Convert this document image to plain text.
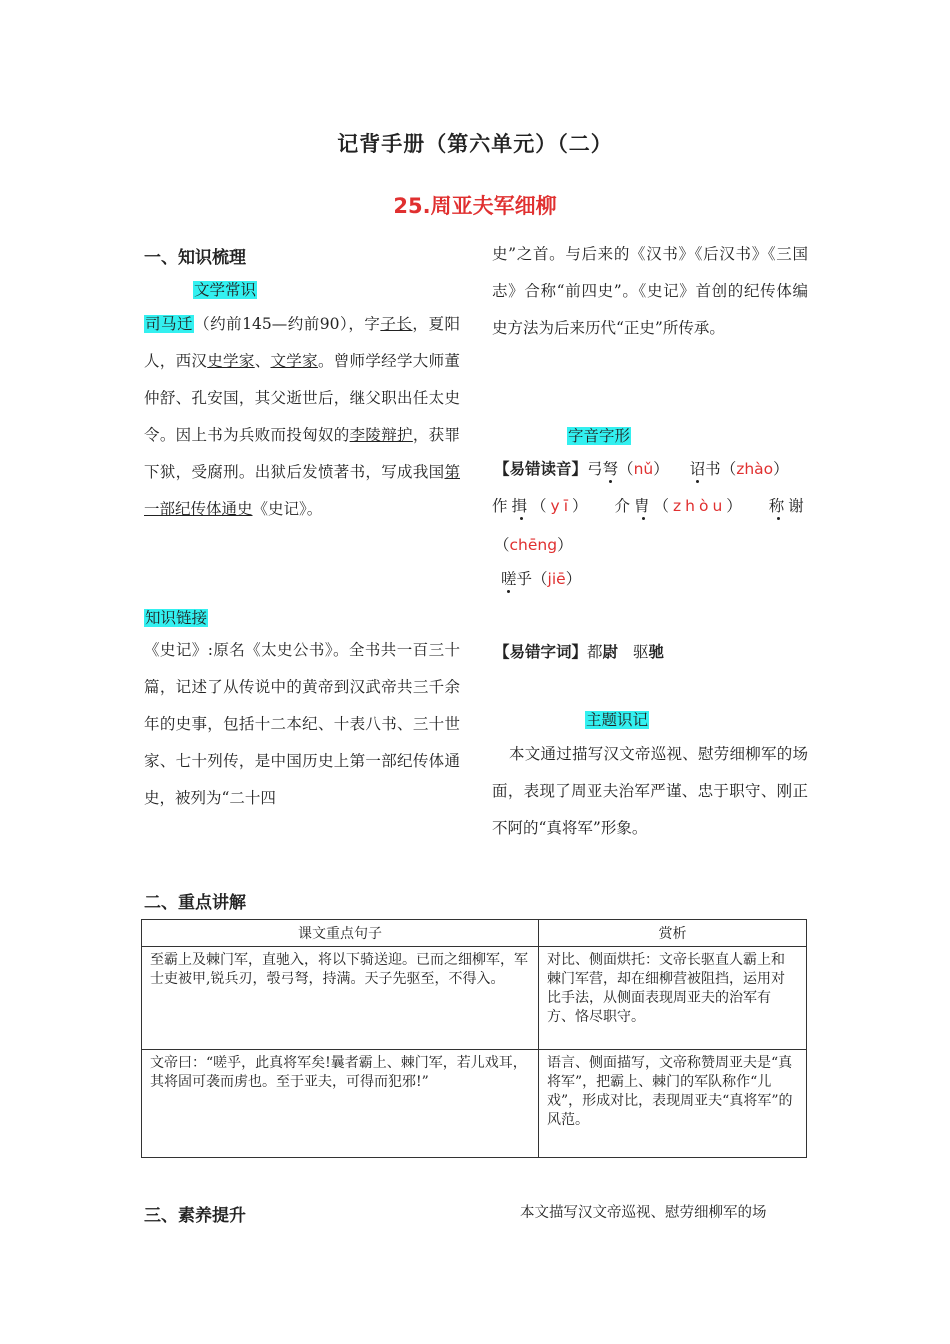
记背手册（第六单元）（二）
25.周亚夫军细柳
一、知识梳理
文学常识

司马迁（约前145—约前90），字子长，夏阳人，西汉史学家、文学家。曾师学经学大师董仲舒、孔安国，其父逝世后，继父职出任太史令。因上书为兵败而投匈奴的李陵辩护，获罪下狱，受腐刑。出狱后发愤著书，写成我国第一部纪传体通史《史记》。

知识链接

《史记》:原名《太史公书》。全书共一百三十篇，记述了从传说中的黄帝到汉武帝共三千余年的史事，包括十二本纪、十表八书、三十世家、七十列传，是中国历史上第一部纪传体通史，被列为“二十四

史”之首。与后来的《汉书》《后汉书》《三国志》合称“前四史”。《史记》首创的纪传体编史方法为后来历代“正史”所传承。

字音字形
【易错读音】弓弩（nǔ） 诏书（zhào）
作揖（yī） 介胄（zhòu） 称谢
（chēng）
嗟乎（jiē）
【易错字词】都尉 驱驰
主题识记

本文通过描写汉文帝巡视、慰劳细柳军的场面，表现了周亚夫治军严谨、忠于职守、刚正不阿的“真将军”形象。

二、重点讲解
课文重点句子	赏析
至霸上及棘门军，直驰入，将以下骑送迎。已而之细柳军，军士吏被甲,锐兵刃，彀弓弩，持满。天子先驱至，不得入。	对比、侧面烘托：文帝长驱直人霸上和棘门军营，却在细柳营被阻挡，运用对比手法，从侧面表现周亚夫的治军有方、恪尽职守。
文帝曰：“嗟乎，此真将军矣!曩者霸上、棘门军，若儿戏耳，其将固可袭而虏也。至于亚夫，可得而犯邪!”	语言、侧面描写，文帝称赞周亚夫是“真将军”，把霸上、棘门的军队称作“儿戏”，形成对比，表现周亚夫“真将军”的风范。
三、素养提升	本文描写汉文帝巡视、慰劳细柳军的场
